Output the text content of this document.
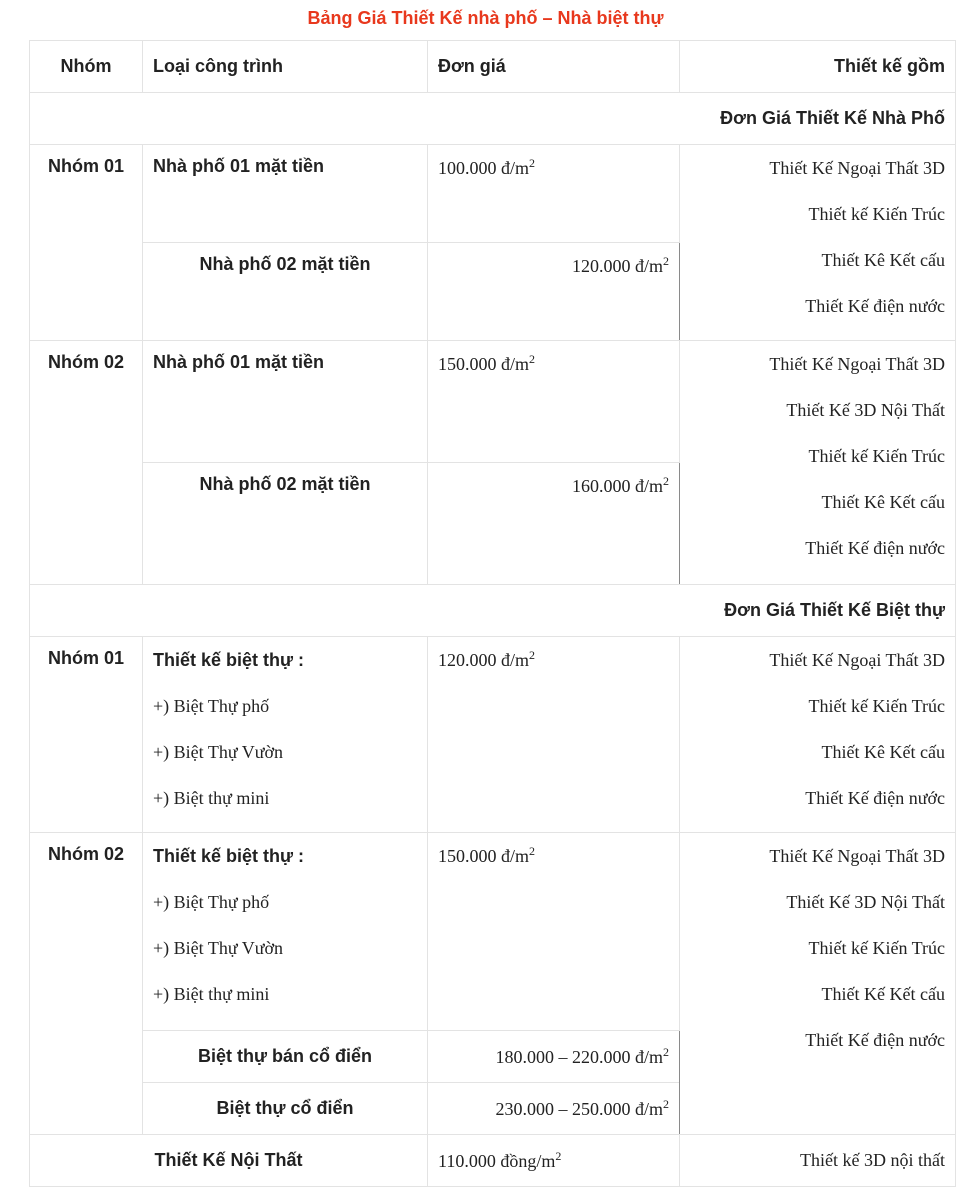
Bảng Giá Thiết Kế nhà phố – Nhà biệt thự
Nhóm	Loại công trình	Đơn giá	Thiết kế gồm
Đơn Giá Thiết Kế Nhà Phố			
Nhóm 01	Nhà phố 01 mặt tiền	100.000 $đ/m^2$	Thiết Kế Ngoại Thất 3D
Thiết kế Kiến Trúc
Thiết Kê Kết cấu
Thiết Kế điện nước

	Nhà phố 02 mặt tiền	120.000 $đ/m^2$
Nhóm 02	Nhà phố 01 mặt tiền	150.000 $đ/m^2$	Thiết Kế Ngoại Thất 3D
Thiết Kế 3D Nội Thất
Thiết kế Kiến Trúc
Thiết Kê Kết cấu
Thiết Kế điện nước

	Nhà phố 02 mặt tiền	160.000 $đ/m^2$
Đơn Giá Thiết Kế Biệt thự			
Nhóm 01	Thiết kế biệt thự :
+) Biệt Thự phố
+) Biệt Thự Vườn
+) Biệt thự mini	120.000 $đ/m^2$	Thiết Kế Ngoại Thất 3D
Thiết kế Kiến Trúc
Thiết Kê Kết cấu
Thiết Kế điện nước

Nhóm 02	Thiết kế biệt thự :
+) Biệt Thự phố
+) Biệt Thự Vườn
+) Biệt thự mini	150.000 $đ/m^2$	Thiết Kế Ngoại Thất 3D
Thiết Kế 3D Nội Thất
Thiết kế Kiến Trúc
Thiết Kế Kết cấu
Thiết Kế điện nước

	Biệt thự bán cổ điển	180.000 – 220.000 $đ/m^2$
	Biệt thự cổ điển	230.000 – 250.000 $đ/m^2$
Thiết Kế Nội Thất		110.000 đồng/$m^2$	Thiết kế 3D nội thất
